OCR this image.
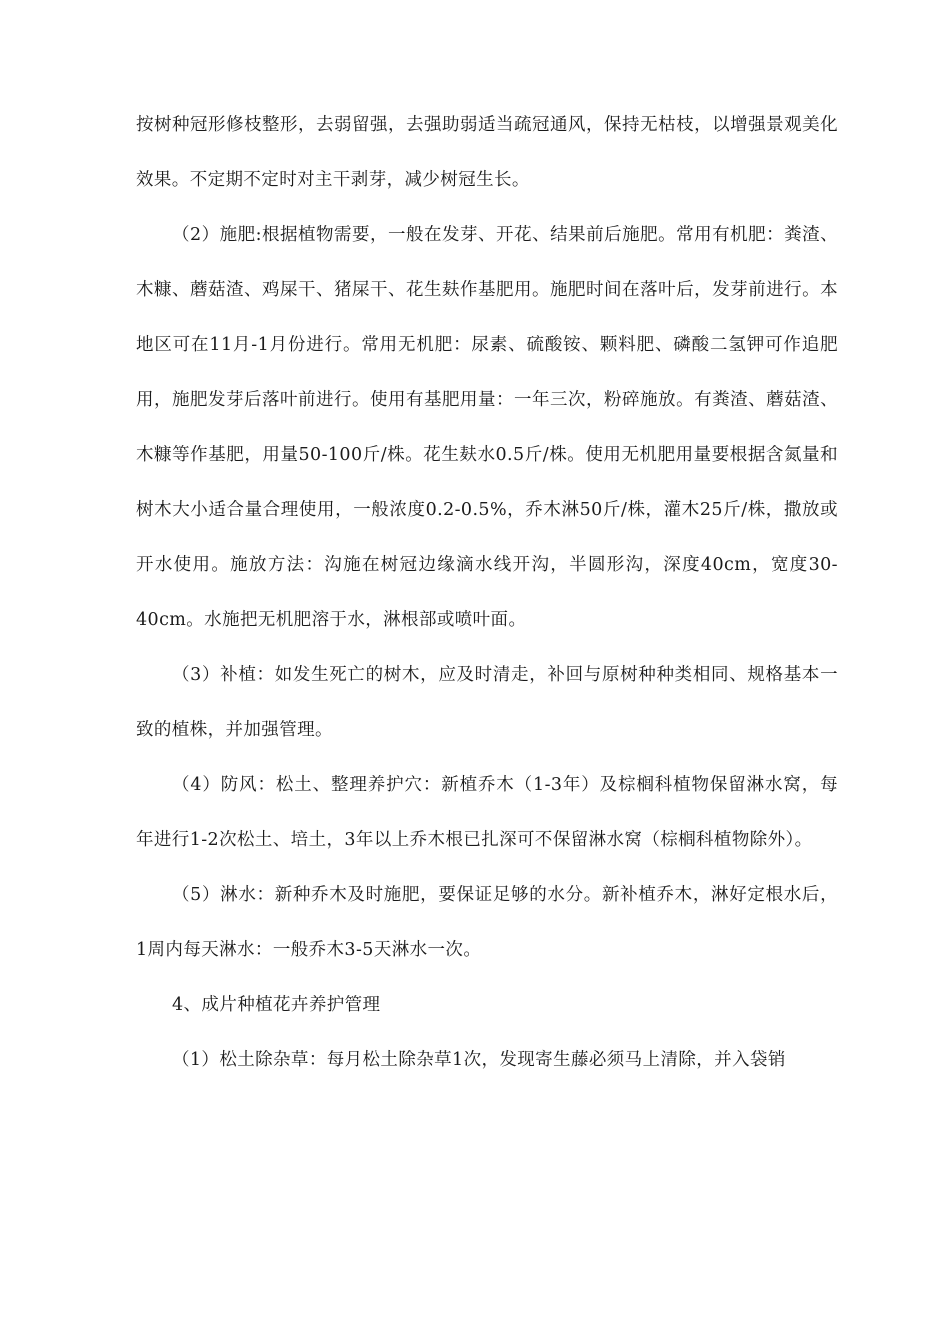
按树种冠形修枝整形，去弱留强，去强助弱适当疏冠通风，保持无枯枝，以增强景观美化效果。不定期不定时对主干剥芽，减少树冠生长。

（2）施肥:根据植物需要，一般在发芽、开花、结果前后施肥。常用有机肥：粪渣、木糠、蘑菇渣、鸡屎干、猪屎干、花生麸作基肥用。施肥时间在落叶后，发芽前进行。本地区可在11月-1月份进行。常用无机肥：尿素、硫酸铵、颗料肥、磷酸二氢钾可作追肥用，施肥发芽后落叶前进行。使用有基肥用量：一年三次，粉碎施放。有粪渣、蘑菇渣、木糠等作基肥，用量50-100斤/株。花生麸水0.5斤/株。使用无机肥用量要根据含氮量和树木大小适合量合理使用，一般浓度0.2-0.5%，乔木淋50斤/株，灌木25斤/株，撒放或开水使用。施放方法：沟施在树冠边缘滴水线开沟，半圆形沟，深度40cm，宽度30-40cm。水施把无机肥溶于水，淋根部或喷叶面。

（3）补植：如发生死亡的树木，应及时清走，补回与原树种种类相同、规格基本一致的植株，并加强管理。

（4）防风：松土、整理养护穴：新植乔木（1-3年）及棕榈科植物保留淋水窝，每年进行1-2次松土、培土，3年以上乔木根已扎深可不保留淋水窝（棕榈科植物除外）。

（5）淋水：新种乔木及时施肥，要保证足够的水分。新补植乔木，淋好定根水后，1周内每天淋水：一般乔木3-5天淋水一次。

4、成片种植花卉养护管理

（1）松土除杂草：每月松土除杂草1次，发现寄生藤必须马上清除，并入袋销
